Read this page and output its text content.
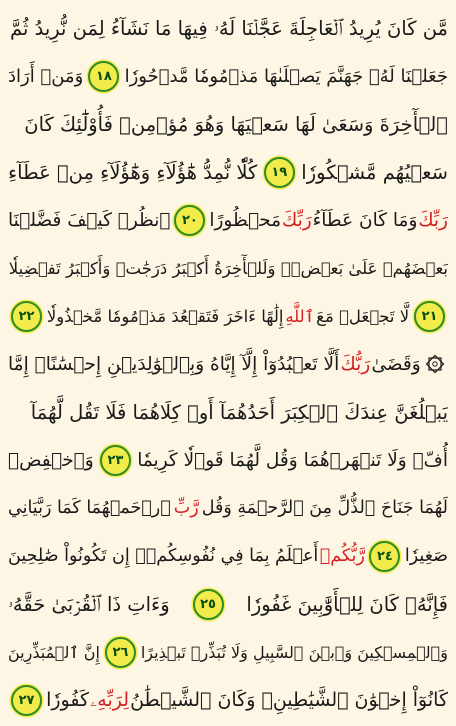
مَّن كَانَ يُرِيدُ ٱلۡعَاجِلَةَ عَجَّلۡنَا لَهُۥ فِيهَا مَا نَشَآءُ لِمَن نُّرِيدُ ثُمَّ
جَعَلۡنَا لَهُۥ جَهَنَّمَ يَصۡلَىٰهَا مَذۡمُومٗا مَّدۡحُورٗا
١٨
وَمَنۡ أَرَادَ
ٱلۡأٓخِرَةَ وَسَعَىٰ لَهَا سَعۡيَهَا وَهُوَ مُؤۡمِنٞ فَأُوْلَٰٓئِكَ كَانَ
سَعۡيُهُم مَّشۡكُورٗا
١٩
كُلّٗا نُّمِدُّ هَٰٓؤُلَآءِ وَهَٰٓؤُلَآءِ مِنۡ عَطَآءِ
رَبِّكَ
وَمَا كَانَ عَطَآءُ
رَبِّكَ
مَحۡظُورًا
٢٠
ٱنظُرۡ كَيۡفَ فَضَّلۡنَا
بَعۡضَهُمۡ عَلَىٰ بَعۡضٖۚ وَلَلۡأٓخِرَةُ أَكۡبَرُ دَرَجَٰتٖ وَأَكۡبَرُ تَفۡضِيلٗا
٢١
لَّا تَجۡعَلۡ مَعَ
ٱللَّهِ
إِلَٰهًا ءَاخَرَ فَتَقۡعُدَ مَذۡمُومٗا مَّخۡذُولٗا
٢٢
وَقَضَىٰ
رَبُّكَ
أَلَّا تَعۡبُدُوٓاْ إِلَّآ إِيَّاهُ وَبِٱلۡوَٰلِدَيۡنِ إِحۡسَٰنًاۚ إِمَّا
يَبۡلُغَنَّ عِندَكَ ٱلۡكِبَرَ أَحَدُهُمَآ أَوۡ كِلَاهُمَا فَلَا تَقُل لَّهُمَآ
أُفّٖ وَلَا تَنۡهَرۡهُمَا وَقُل لَّهُمَا قَوۡلٗا كَرِيمٗا
٢٣
وَٱخۡفِضۡ
لَهُمَا جَنَاحَ ٱلذُّلِّ مِنَ ٱلرَّحۡمَةِ وَقُل
رَّبِّ
ٱرۡحَمۡهُمَا كَمَا رَبَّيَانِي
صَغِيرٗا
٢٤
رَّبُّكُمۡ
أَعۡلَمُ بِمَا فِي نُفُوسِكُمۡۚ إِن تَكُونُواْ صَٰلِحِينَ
فَإِنَّهُۥ كَانَ لِلۡأَوَّٰبِينَ غَفُورٗا
٢٥
وَءَاتِ ذَا ٱلۡقُرۡبَىٰ حَقَّهُۥ
وَٱلۡمِسۡكِينَ وَٱبۡنَ ٱلسَّبِيلِ وَلَا تُبَذِّرۡ تَبۡذِيرًا
٢٦
إِنَّ ٱلۡمُبَذِّرِينَ
كَانُوٓاْ إِخۡوَٰنَ ٱلشَّيَٰطِينِۖ وَكَانَ ٱلشَّيۡطَٰنُ
لِرَبِّهِۦ
كَفُورٗا
٢٧
